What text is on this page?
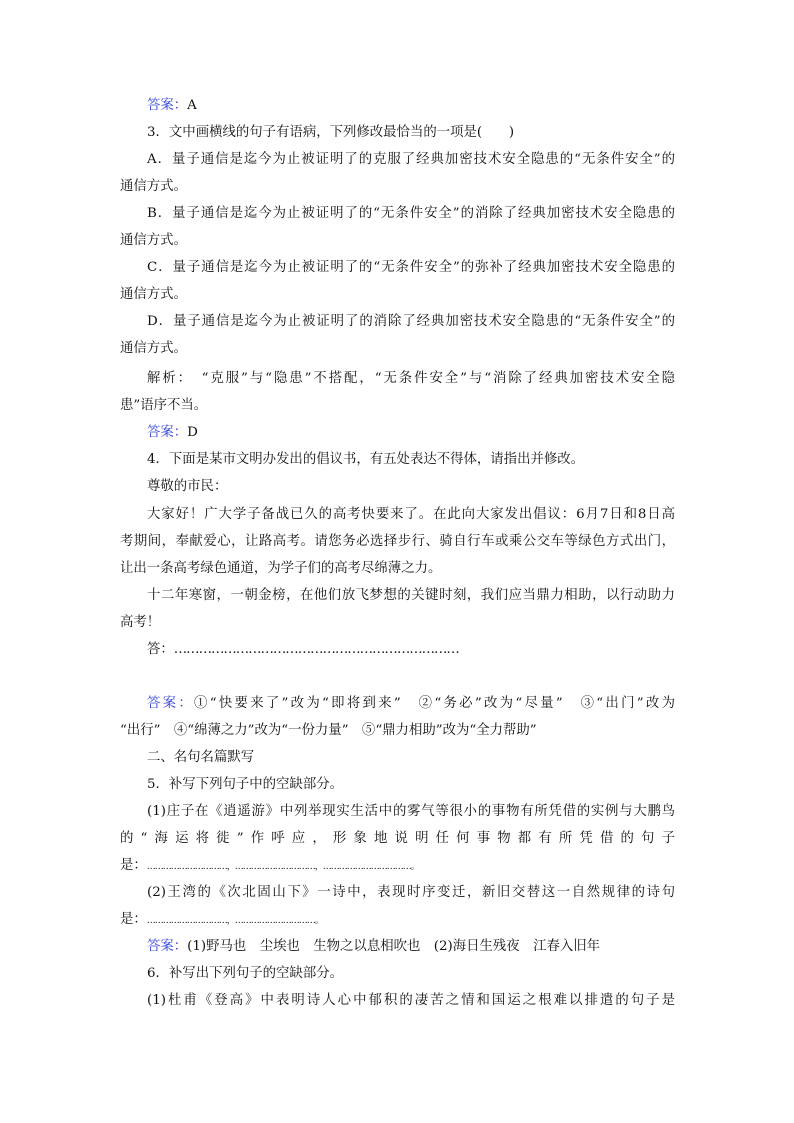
答案：A
3．文中画横线的句子有语病，下列修改最恰当的一项是(　　)
A．量子通信是迄今为止被证明了的克服了经典加密技术安全隐患的“无条件安全”的
通信方式。
B．量子通信是迄今为止被证明了的“无条件安全”的消除了经典加密技术安全隐患的
通信方式。
C．量子通信是迄今为止被证明了的“无条件安全”的弥补了经典加密技术安全隐患的
通信方式。
D．量子通信是迄今为止被证明了的消除了经典加密技术安全隐患的“无条件安全”的
通信方式。
解析：　“克服”与“隐患”不搭配，“无条件安全”与“消除了经典加密技术安全隐
患”语序不当。
答案：D
4．下面是某市文明办发出的倡议书，有五处表达不得体，请指出并修改。
尊敬的市民：
大家好！广大学子备战已久的高考快要来了。在此向大家发出倡议：6月7日和8日高
考期间，奉献爱心，让路高考。请您务必选择步行、骑自行车或乘公交车等绿色方式出门，
让出一条高考绿色通道，为学子们的高考尽绵薄之力。
十二年寒窗，一朝金榜，在他们放飞梦想的关键时刻，我们应当鼎力相助，以行动助力
高考！
答：……………………………………………………………
答案：①“快要来了”改为“即将到来”　②“务必”改为“尽量”　③“出门”改为
“出行”　④“绵薄之力”改为“一份力量”　⑤“鼎力相助”改为“全力帮助”
二、名句名篇默写
5．补写下列句子中的空缺部分。
(1)庄子在《逍遥游》中列举现实生活中的雾气等很小的事物有所凭借的实例与大鹏鸟
的“海运将徙”作呼应，形象地说明任何事物都有所凭借的句子
是：…………………………，…………………………，……………………………。
(2)王湾的《次北固山下》一诗中，表现时序变迁，新旧交替这一自然规律的诗句
是：…………………………，…………………………。
答案：(1)野马也　尘埃也　生物之以息相吹也　(2)海日生残夜　江春入旧年
6．补写出下列句子的空缺部分。
(1)杜甫《登高》中表明诗人心中郁积的凄苦之情和国运之根难以排遣的句子是
